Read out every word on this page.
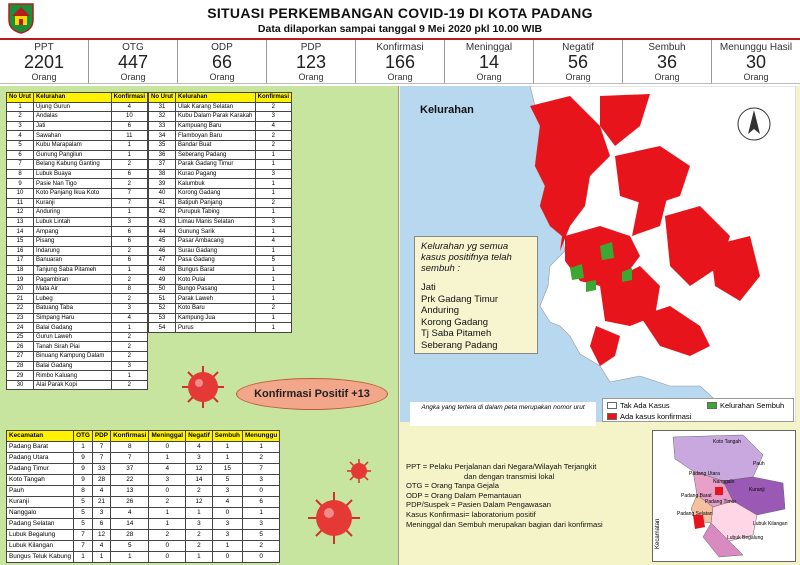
SITUASI PERKEMBANGAN COVID-19 DI KOTA PADANG
Data dilaporkan sampai tanggal 9 Mei 2020 pkl 10.00 WIB
PPT
2201
Orang
OTG
447
Orang
ODP
66
Orang
PDP
123
Orang
Konfirmasi
166
Orang
Meninggal
14
Orang
Negatif
56
Orang
Sembuh
36
Orang
Menunggu Hasil
30
Orang
No Urut	Kelurahan	Konfirmasi
1	Ujung Gurun	4
2	Andalas	10
3	Jati	6
4	Sawahan	11
5	Kubu Marapalam	1
6	Gunung Pangilun	1
7	Belang Kabung Ganting	2
8	Lubuk Buaya	6
9	Pasie Nan Tigo	2
10	Koto Panjang Ikua Koto	7
11	Kuranji	7
12	Anduring	1
13	Lubuk Lintah	3
14	Ampang	6
15	Pisang	6
16	Indarung	2
17	Banuaran	6
18	Tanjung Saba Pitameh	1
19	Pagambiran	2
20	Mata Air	8
21	Lubeg	2
22	Batuang Taba	3
23	Simpang Haru	4
24	Balai Gadang	1
25	Gurun Laweh	2
26	Tanah Sirah Piai	2
27	Binuang Kampung Dalam	2
28	Balai Gadang	3
29	Rimbo Kaluang	1
30	Alai Parak Kopi	2
No Urut	Kelurahan	Konfirmasi
31	Ulak Karang Selatan	2
32	Kubu Dalam Parak Karakah	3
33	Kampuang Baru	4
34	Flamboyan Baru	2
35	Bandar Buat	2
36	Seberang Padang	1
37	Parak Gadang Timur	1
38	Kurao Pagang	3
39	Kalumbuk	1
40	Korong Gadang	1
41	Batipuh Panjang	2
42	Purupuk Tabing	1
43	Limau Manis Selatan	3
44	Gunung Sarik	1
45	Pasar Ambacang	4
46	Surau Gadang	1
47	Pasa Gadang	5
48	Bungus Barat	1
49	Koto Pulai	1
50	Bungo Pasang	1
51	Parak Laweh	1
52	Koto Baru	2
53	Kampung Jua	1
54	Purus	1
Kecamatan	OTG	PDP	Konfirmasi	Meninggal	Negatif	Sembuh	Menunggu
Padang Barat	1	7	8	0	4	1	1
Padang Utara	9	7	7	1	3	1	2
Padang Timur	9	33	37	4	12	15	7
Koto Tangah	9	28	22	3	14	5	3
Pauh	8	4	13	0	2	3	0
Kuranji	5	21	26	2	12	4	6
Nanggalo	5	3	4	1	1	0	1
Padang Selatan	5	6	14	1	3	3	3
Lubuk Begalung	7	12	28	2	2	3	5
Lubuk Kilangan	7	4	5	0	2	1	2
Bungus Teluk Kabung	1	1	1	0	1	0	0
Konfirmasi Positif +13
Kelurahan
Kelurahan yg semua kasus positifnya telah sembuh :
Jati
Prk Gadang Timur
Anduring
Korong Gadang
Tj Saba Pitameh
Seberang Padang
Angka yang tertera di dalam peta merupakan nomor urut	Tak Ada Kasus	Kelurahan Sembuh
Ada kasus konfirmasi
PPT = Pelaku Perjalanan dari Negara/Wilayah Terjangkit
dan dengan transmisi lokal
OTG = Orang Tanpa Gejala
ODP = Orang Dalam Pemantauan
PDP/Suspek = Pasien Dalam Pengawasan
Kasus Konfirmasi= laboratorium positif
Meninggal dan Sembuh merupakan bagian dari konfirmasi
Koto Tangah
Kuranji
Pauh
Padang Utara
Nanggalo
Padang Barat
Padang Timur
Padang Selatan
Lubuk Kilangan
Lubuk Begalung
Kecamatan
